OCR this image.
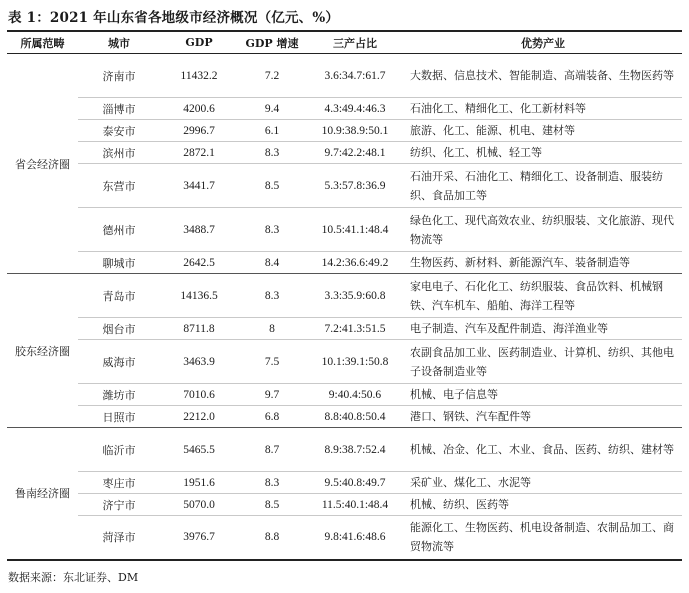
表 1：2021 年山东省各地级市经济概况（亿元、%）
所属范畴	城市	GDP	GDP 增速	三产占比	优势产业
省会经济圈	济南市	11432.2	7.2	3.6:34.7:61.7	大数据、信息技术、智能制造、高端装备、生物医药等
	淄博市	4200.6	9.4	4.3:49.4:46.3	石油化工、精细化工、化工新材料等
	泰安市	2996.7	6.1	10.9:38.9:50.1	旅游、化工、能源、机电、建材等
	滨州市	2872.1	8.3	9.7:42.2:48.1	纺织、化工、机械、轻工等
	东营市	3441.7	8.5	5.3:57.8:36.9	石油开采、石油化工、精细化工、设备制造、服装纺织、食品加工等
	德州市	3488.7	8.3	10.5:41.1:48.4	绿色化工、现代高效农业、纺织服装、文化旅游、现代物流等
	聊城市	2642.5	8.4	14.2:36.6:49.2	生物医药、新材料、新能源汽车、装备制造等
胶东经济圈	青岛市	14136.5	8.3	3.3:35.9:60.8	家电电子、石化化工、纺织服装、食品饮料、机械钢铁、汽车机车、船舶、海洋工程等
	烟台市	8711.8	8	7.2:41.3:51.5	电子制造、汽车及配件制造、海洋渔业等
	威海市	3463.9	7.5	10.1:39.1:50.8	农副食品加工业、医药制造业、计算机、纺织、其他电子设备制造业等
	潍坊市	7010.6	9.7	9:40.4:50.6	机械、电子信息等
	日照市	2212.0	6.8	8.8:40.8:50.4	港口、钢铁、汽车配件等
鲁南经济圈	临沂市	5465.5	8.7	8.9:38.7:52.4	机械、冶金、化工、木业、食品、医药、纺织、建材等
	枣庄市	1951.6	8.3	9.5:40.8:49.7	采矿业、煤化工、水泥等
	济宁市	5070.0	8.5	11.5:40.1:48.4	机械、纺织、医药等
	菏泽市	3976.7	8.8	9.8:41.6:48.6	能源化工、生物医药、机电设备制造、农制品加工、商贸物流等
数据来源：东北证券、DM
